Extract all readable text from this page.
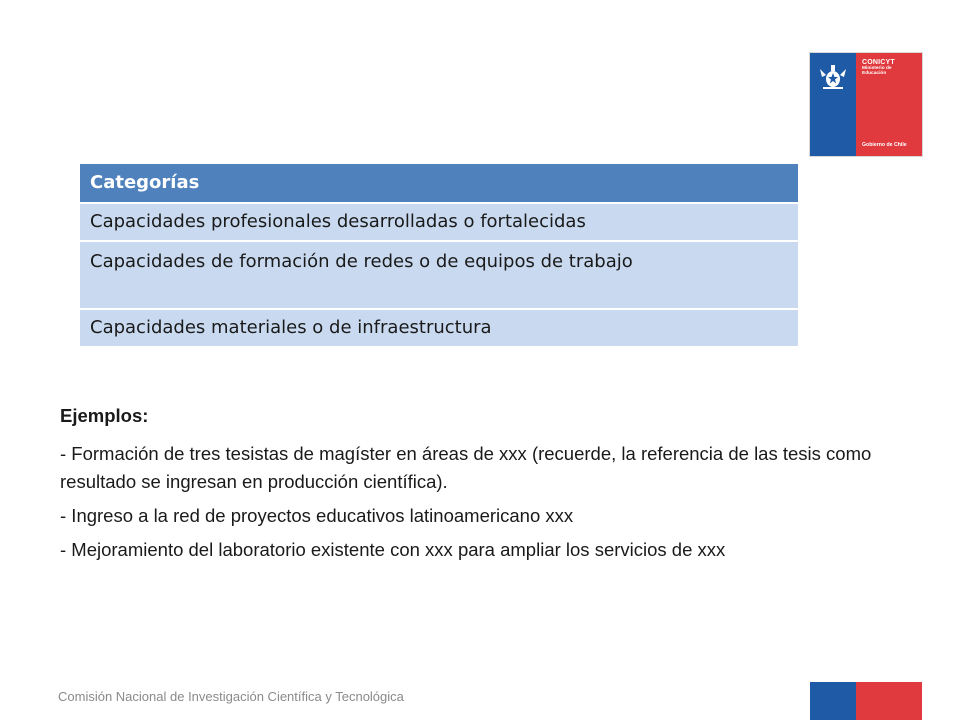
CONICYT
Ministerio de
Educación
Gobierno de Chile
Categorías
Capacidades profesionales desarrolladas o fortalecidas
Capacidades de formación de redes o de equipos de trabajo
Capacidades materiales o de infraestructura
Ejemplos:
- Formación de tres tesistas de magíster en áreas de xxx (recuerde, la referencia de las tesis como resultado se ingresan en producción científica).
- Ingreso a la red de proyectos educativos latinoamericano xxx
- Mejoramiento del laboratorio existente con xxx para ampliar los servicios de xxx
Comisión Nacional de Investigación Científica y Tecnológica
